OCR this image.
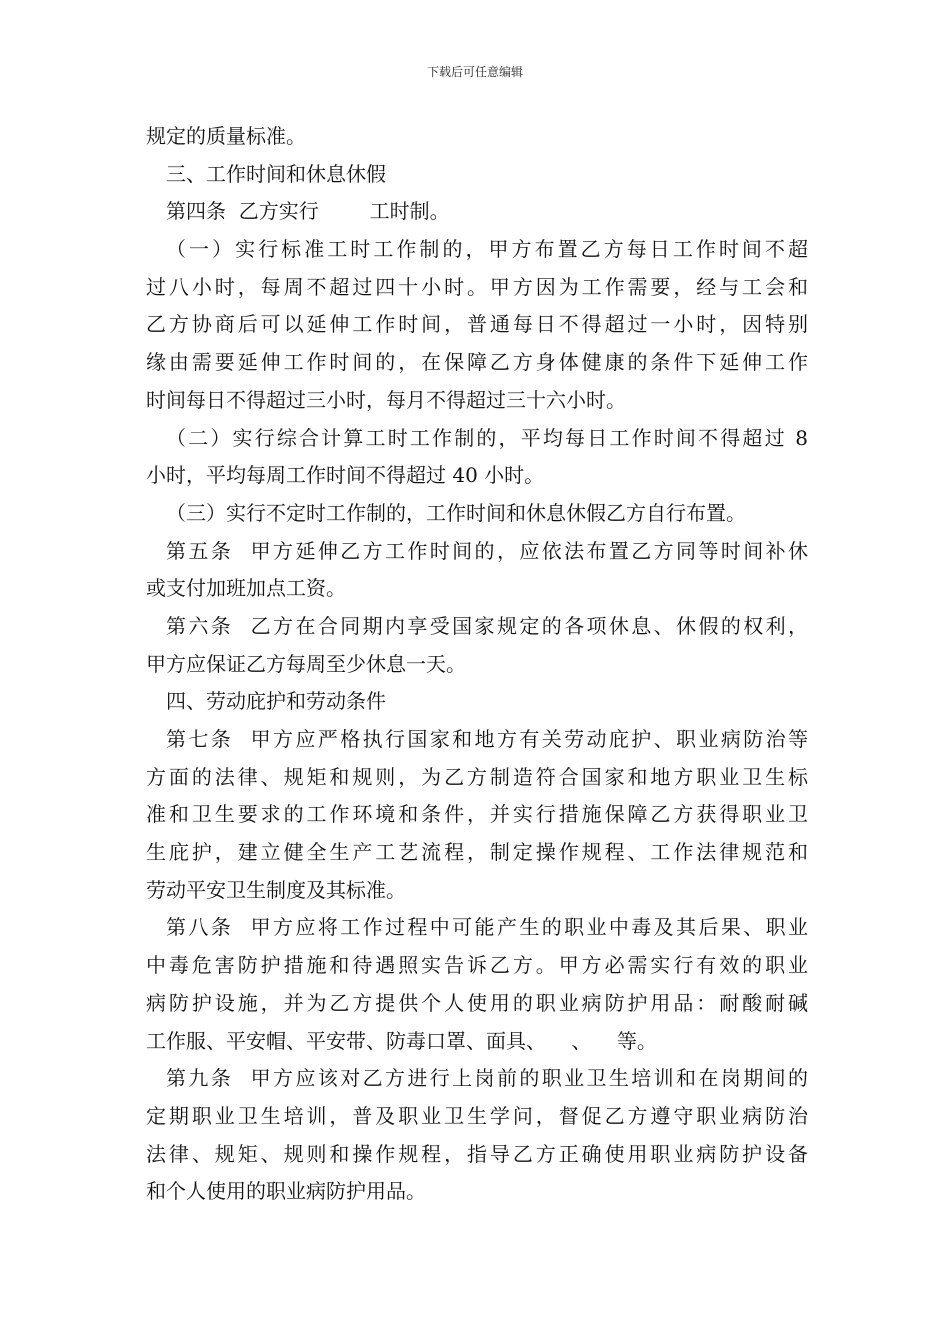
下载后可任意编辑
规定的质量标准。
三、工作时间和休息休假
第四条  乙方实行        工时制。
（一）实行标准工时工作制的，甲方布置乙方每日工作时间不超
过八小时，每周不超过四十小时。甲方因为工作需要，经与工会和
乙方协商后可以延伸工作时间，普通每日不得超过一小时，因特别
缘由需要延伸工作时间的，在保障乙方身体健康的条件下延伸工作
时间每日不得超过三小时，每月不得超过三十六小时。
（二）实行综合计算工时工作制的，平均每日工作时间不得超过 8
小时，平均每周工作时间不得超过 40 小时。
（三）实行不定时工作制的，工作时间和休息休假乙方自行布置。
第五条  甲方延伸乙方工作时间的，应依法布置乙方同等时间补休
或支付加班加点工资。
第六条  乙方在合同期内享受国家规定的各项休息、休假的权利，
甲方应保证乙方每周至少休息一天。
四、劳动庇护和劳动条件
第七条  甲方应严格执行国家和地方有关劳动庇护、职业病防治等
方面的法律、规矩和规则，为乙方制造符合国家和地方职业卫生标
准和卫生要求的工作环境和条件，并实行措施保障乙方获得职业卫
生庇护，建立健全生产工艺流程，制定操作规程、工作法律规范和
劳动平安卫生制度及其标准。
第八条  甲方应将工作过程中可能产生的职业中毒及其后果、职业
中毒危害防护措施和待遇照实告诉乙方。甲方必需实行有效的职业
病防护设施，并为乙方提供个人使用的职业病防护用品：耐酸耐碱
工作服、平安帽、平安带、防毒口罩、面具、    、    等。
第九条  甲方应该对乙方进行上岗前的职业卫生培训和在岗期间的
定期职业卫生培训，普及职业卫生学问，督促乙方遵守职业病防治
法律、规矩、规则和操作规程，指导乙方正确使用职业病防护设备
和个人使用的职业病防护用品。
